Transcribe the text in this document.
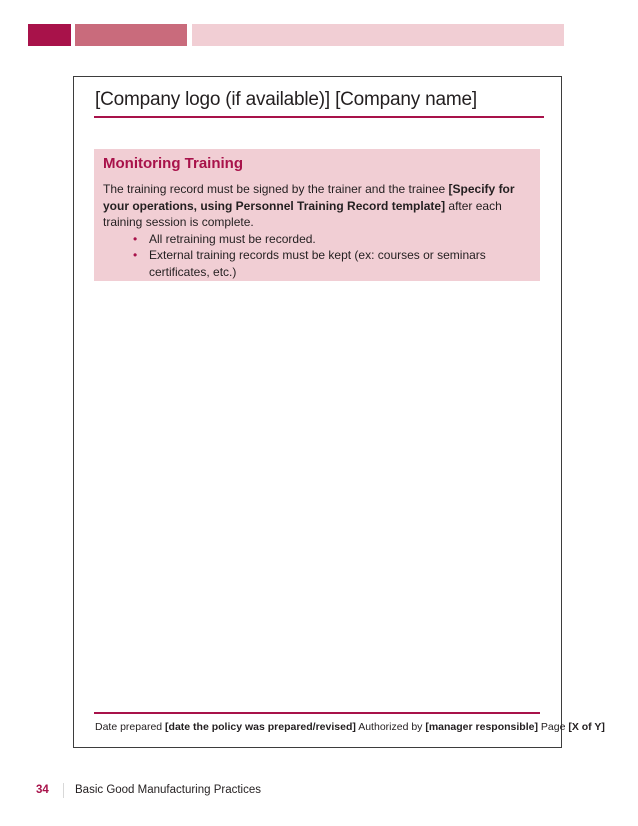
[Company logo (if available)] [Company name]
Monitoring Training

The training record must be signed by the trainer and the trainee [Specify for your operations, using Personnel Training Record template] after each training session is complete.

• All retraining must be recorded.
• External training records must be kept (ex: courses or seminars certificates, etc.)
Date prepared [date the policy was prepared/revised] Authorized by [manager responsible] Page [X of Y]
34 Basic Good Manufacturing Practices
